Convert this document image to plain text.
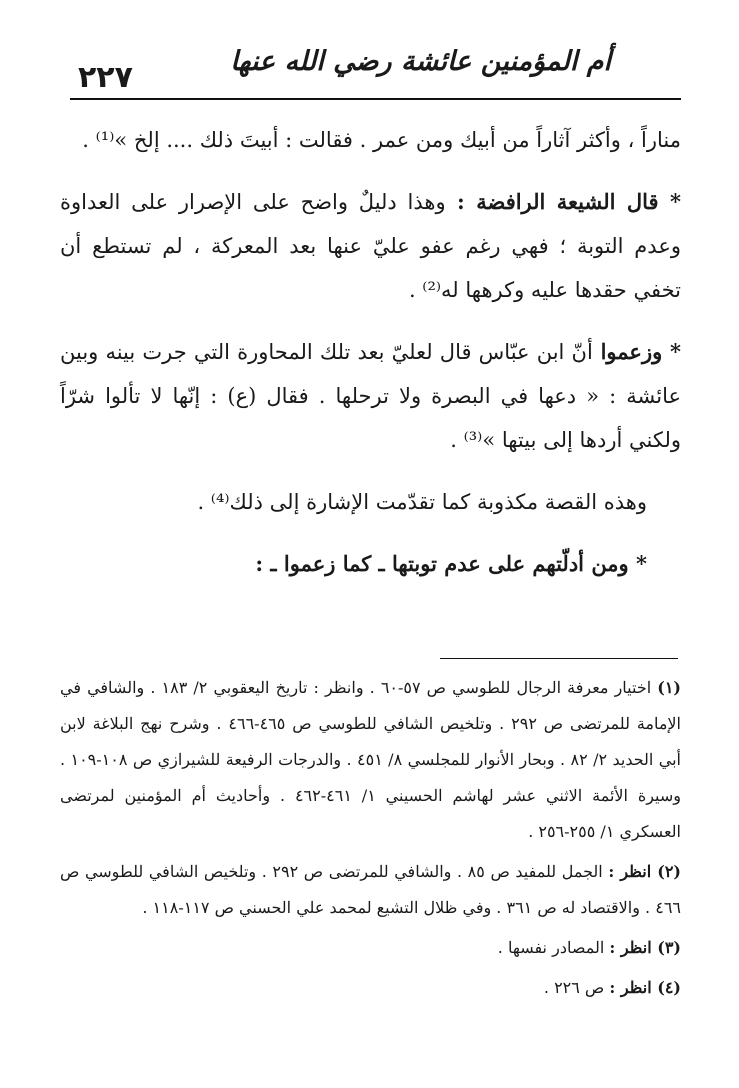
٢٢٧	أم المؤمنين عائشة رضي الله عنها

مناراً ، وأكثر آثاراً من أبيك ومن عمر . فقالت : أبيتَ ذلك .... إلخ »⁽¹⁾ .

* قال الشيعة الرافضة : وهذا دليلٌ واضح على الإصرار على العداوة وعدم التوبة ؛ فهي رغم عفو عليّ عنها بعد المعركة ، لم تستطع أن تخفي حقدها عليه وكرهها له⁽²⁾ .

* وزعموا أنّ ابن عبّاس قال لعليّ بعد تلك المحاورة التي جرت بينه وبين عائشة : « دعها في البصرة ولا ترحلها . فقال (ع) : إنّها لا تألوا شرّاً ولكني أردها إلى بيتها »⁽³⁾ .

وهذه القصة مكذوبة كما تقدّمت الإشارة إلى ذلك⁽⁴⁾ .

* ومن أدلّتهم على عدم توبتها ـ كما زعموا ـ :

(١) اختيار معرفة الرجال للطوسي ص ٥٧-٦٠ . وانظر : تاريخ اليعقوبي ٢/ ١٨٣ . والشافي في الإمامة للمرتضى ص ٢٩٢ . وتلخيص الشافي للطوسي ص ٤٦٥-٤٦٦ . وشرح نهج البلاغة لابن أبي الحديد ٢/ ٨٢ . وبحار الأنوار للمجلسي ٨/ ٤٥١ . والدرجات الرفيعة للشيرازي ص ١٠٨-١٠٩ . وسيرة الأئمة الاثني عشر لهاشم الحسيني ١/ ٤٦١-٤٦٢ . وأحاديث أم المؤمنين لمرتضى العسكري ١/ ٢٥٥-٢٥٦ .

(٢) انظر : الجمل للمفيد ص ٨٥ . والشافي للمرتضى ص ٢٩٢ . وتلخيص الشافي للطوسي ص ٤٦٦ . والاقتصاد له ص ٣٦١ . وفي ظلال التشيع لمحمد علي الحسني ص ١١٧-١١٨ .

(٣) انظر : المصادر نفسها .

(٤) انظر : ص ٢٢٦ .
